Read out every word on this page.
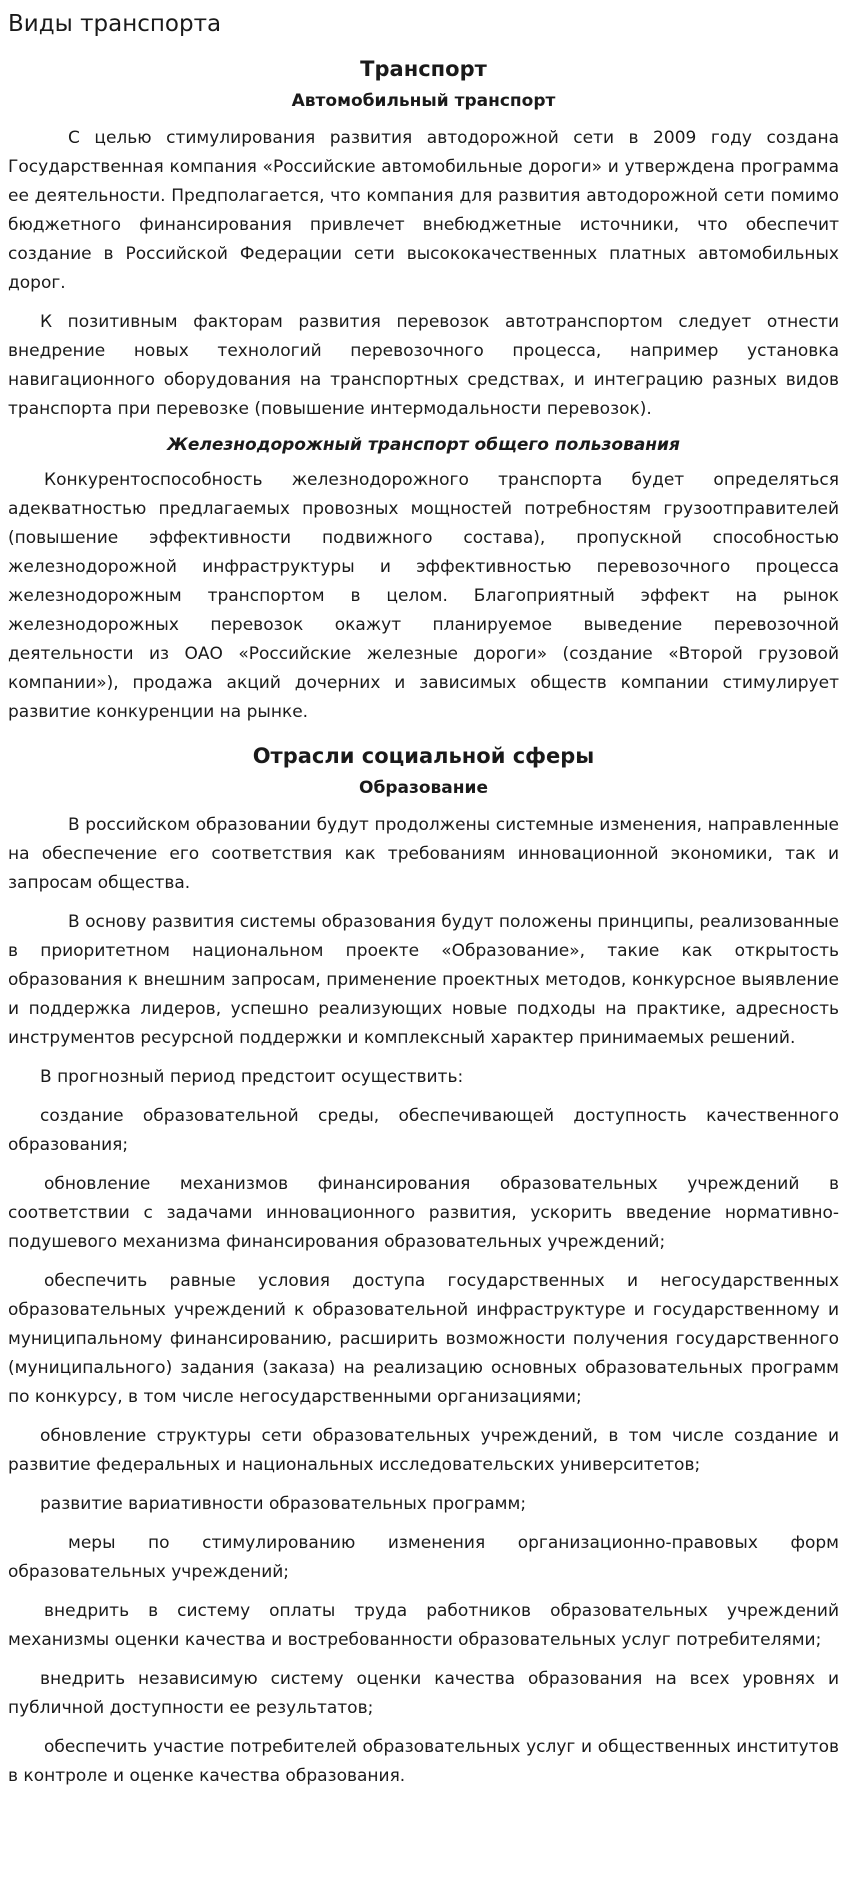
Виды транспорта
Транспорт
Автомобильный транспорт

С целью стимулирования развития автодорожной сети в 2009 году создана Государственная компания «Российские автомобильные дороги» и утверждена программа ее деятельности. Предполагается, что компания для развития автодорожной сети помимо бюджетного финансирования привлечет внебюджетные источники, что обеспечит создание в Российской Федерации сети высококачественных платных автомобильных дорог.

К позитивным факторам развития перевозок автотранспортом следует отнести внедрение новых технологий перевозочного процесса, например установка навигационного оборудования на транспортных средствах, и интеграцию разных видов транспорта при перевозке (повышение интермодальности перевозок).

Железнодорожный транспорт общего пользования

Конкурентоспособность железнодорожного транспорта будет определяться адекватностью предлагаемых провозных мощностей потребностям грузоотправителей (повышение эффективности подвижного состава), пропускной способностью железнодорожной инфраструктуры и эффективностью перевозочного процесса железнодорожным транспортом в целом. Благоприятный эффект на рынок железнодорожных перевозок окажут планируемое выведение перевозочной деятельности из ОАО «Российские железные дороги» (создание «Второй грузовой компании»), продажа акций дочерних и зависимых обществ компании стимулирует развитие конкуренции на рынке.

Отрасли социальной сферы
Образование

В российском образовании будут продолжены системные изменения, направленные на обеспечение его соответствия как требованиям инновационной экономики, так и запросам общества.

В основу развития системы образования будут положены принципы, реализованные в приоритетном национальном проекте «Образование», такие как открытость образования к внешним запросам, применение проектных методов, конкурсное выявление и поддержка лидеров, успешно реализующих новые подходы на практике, адресность инструментов ресурсной поддержки и комплексный характер принимаемых решений.

В прогнозный период предстоит осуществить:

создание образовательной среды, обеспечивающей доступность качественного образования;

обновление механизмов финансирования образовательных учреждений в соответствии с задачами инновационного развития, ускорить введение нормативно-подушевого механизма финансирования образовательных учреждений;

обеспечить равные условия доступа государственных и негосударственных образовательных учреждений к образовательной инфраструктуре и государственному и муниципальному финансированию, расширить возможности получения государственного (муниципального) задания (заказа) на реализацию основных образовательных программ по конкурсу, в том числе негосударственными организациями;

обновление структуры сети образовательных учреждений, в том числе создание и развитие федеральных и национальных исследовательских университетов;

развитие вариативности образовательных программ;

меры по стимулированию изменения организационно-правовых форм образовательных учреждений;

внедрить в систему оплаты труда работников образовательных учреждений механизмы оценки качества и востребованности образовательных услуг потребителями;

внедрить независимую систему оценки качества образования на всех уровнях и публичной доступности ее результатов;

обеспечить участие потребителей образовательных услуг и общественных институтов в контроле и оценке качества образования.
